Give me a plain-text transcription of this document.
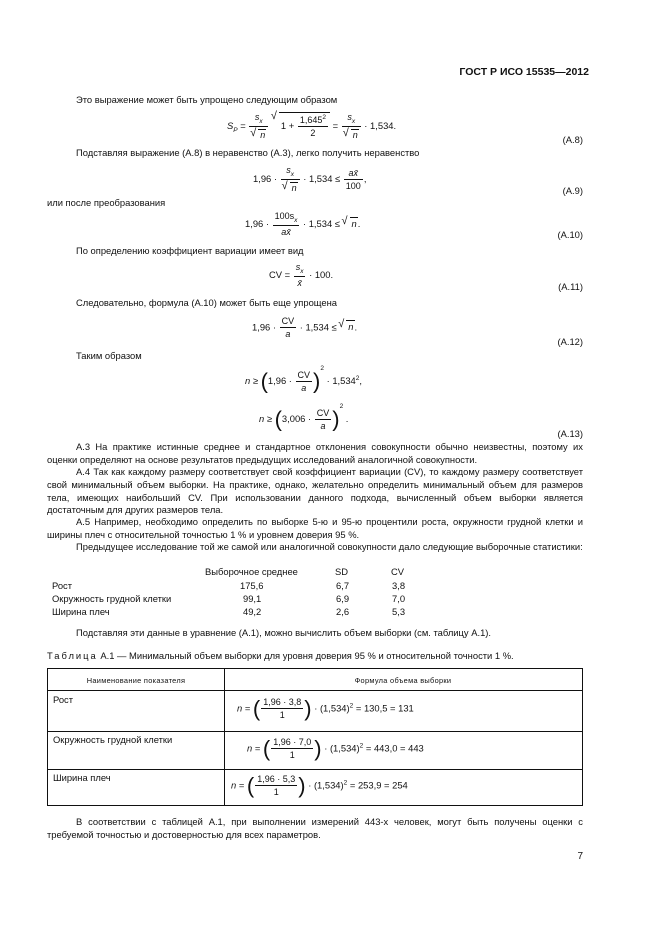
ГОСТ Р ИСО 15535—2012
Это выражение может быть упрощено следующим образом
$S_P = s_x$
√ n
√ $1 + \frac{1,645^2}{2} = s_x$
√ n · 1,534.
(А.8)
Подставляя выражение (А.8) в неравенство (А.3), легко получить неравенство
$1,96 \cdot s_x$
√ $n \cdot 1,534 \le \frac{ax̄}{100}$ ,
(А.9)
или после преобразования
$1,96 \cdot \frac{100s_x}{ax̄} \cdot 1,534$ ≤ √ n.
(А.10)
По определению коэффициент вариации имеет вид
CV = $\frac{s_x}{x̄} \cdot 100$.
(А.11)
Следовательно, формула (А.10) может быть еще упрощена
$1,96 \cdot \frac{CV}{a} \cdot 1,534$ ≤ √ n.
(А.12)
Таким образом
$n \ge (1,96 \cdot \frac{CV}{a} )^2 \cdot 1,534^2$,
$n \ge (3,006 \cdot \frac{CV}{a} )^2$ .
(А.13)
А.3 На практике истинные среднее и стандартное отклонения совокупности обычно неизвестны, поэтому их оценки определяют на основе результатов предыдущих исследований аналогичной совокупности.
А.4 Так как каждому размеру соответствует свой коэффициент вариации (CV), то каждому размеру соответствует свой минимальный объем выборки. На практике, однако, желательно определить минимальный объем для размеров тела, имеющих наибольший CV. При использовании данного подхода, вычисленный объем выборки является достаточным для других размеров тела.
А.5 Например, необходимо определить по выборке 5-ю и 95-ю процентили роста, окружности грудной клетки и ширины плеч с относительной точностью 1 % и уровнем доверия 95 %.
Предыдущее исследование той же самой или аналогичной совокупности дало следующие выборочные статистики:
Выборочное среднее	SD	CV
Рост	175,6	6,7	3,8
Окружность грудной клетки	99,1	6,9	7,0
Ширина плеч	49,2	2,6	5,3
Подставляя эти данные в уравнение (А.1), можно вычислить объем выборки (см. таблицу А.1).
Таблица А.1 — Минимальный объем выборки для уровня доверия 95 % и относительной точности 1 %.
Наименование показателя	Формула объема выборки
Рост
n = ( $\frac{1,96 \cdot 3,8}{1}$ ) · $(1,534)^2 = 130,5 = 131$
Окружность грудной клетки
n = ( $\frac{1,96 \cdot 7,0}{1}$ ) · $(1,534)^2 = 443,0 = 443$
Ширина плеч
n = ( $\frac{1,96 \cdot 5,3}{1}$ ) · $(1,534)^2 = 253,9 = 254$
В соответствии с таблицей А.1, при выполнении измерений 443-х человек, могут быть получены оценки с требуемой точностью и достоверностью для всех параметров.
7
